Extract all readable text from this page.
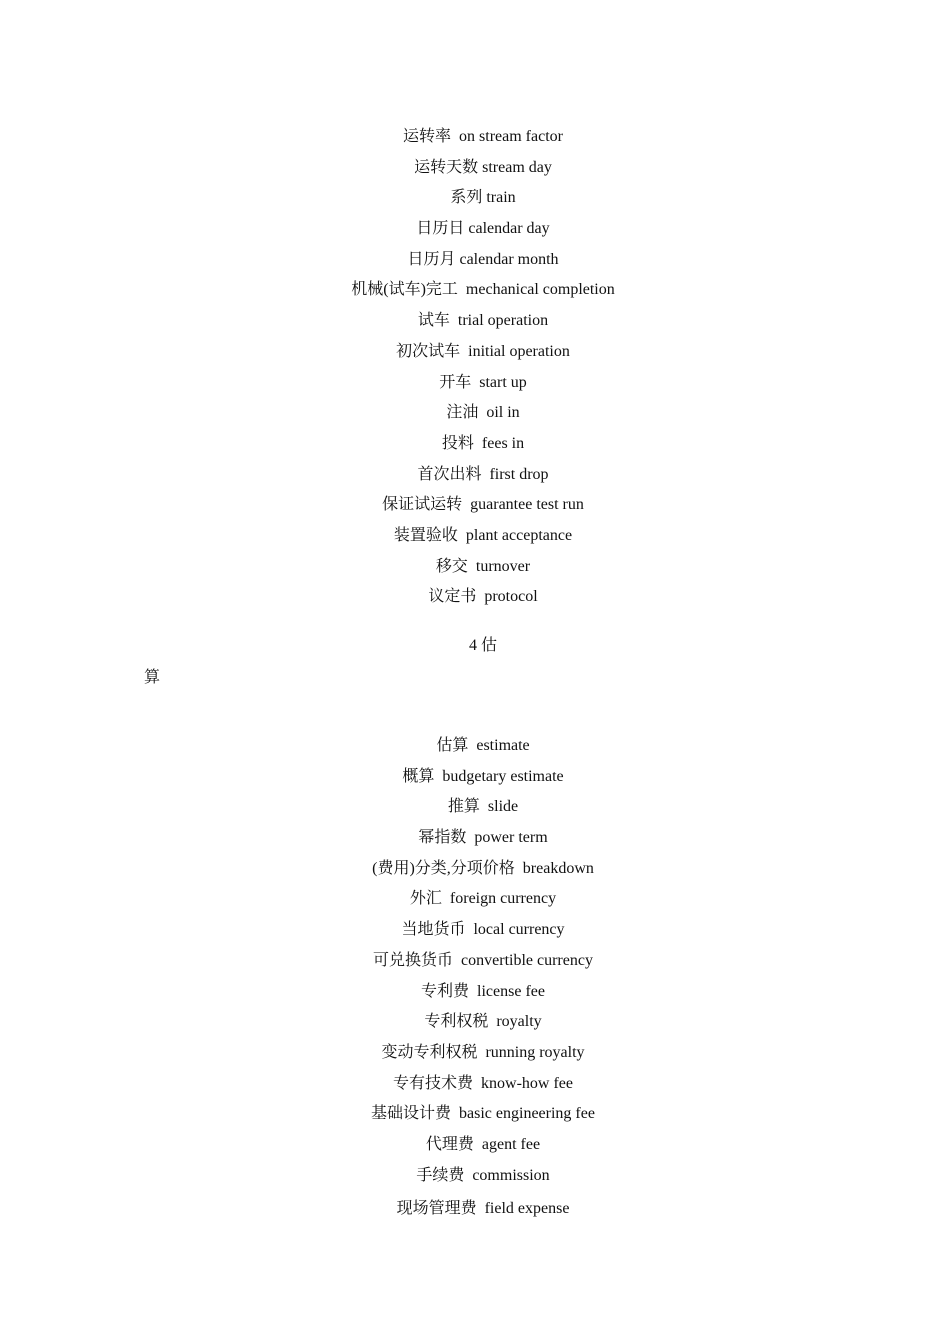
运转率 on stream factor
运转天数 stream day
系列 train
日历日 calendar day
日历月 calendar month
机械(试车)完工 mechanical completion
试车 trial operation
初次试车 initial operation
开车 start up
注油 oil in
投料 fees in
首次出料 first drop
保证试运转 guarantee test run
装置验收 plant acceptance
移交 turnover
议定书 protocol
4 估
算
估算 estimate
概算 budgetary estimate
推算 slide
幂指数 power term
(费用)分类,分项价格 breakdown
外汇 foreign currency
当地货币 local currency
可兑换货币 convertible currency
专利费 license fee
专利权税 royalty
变动专利权税 running royalty
专有技术费 know-how fee
基础设计费 basic engineering fee
代理费 agent fee
手续费 commission
现场管理费 field expense
